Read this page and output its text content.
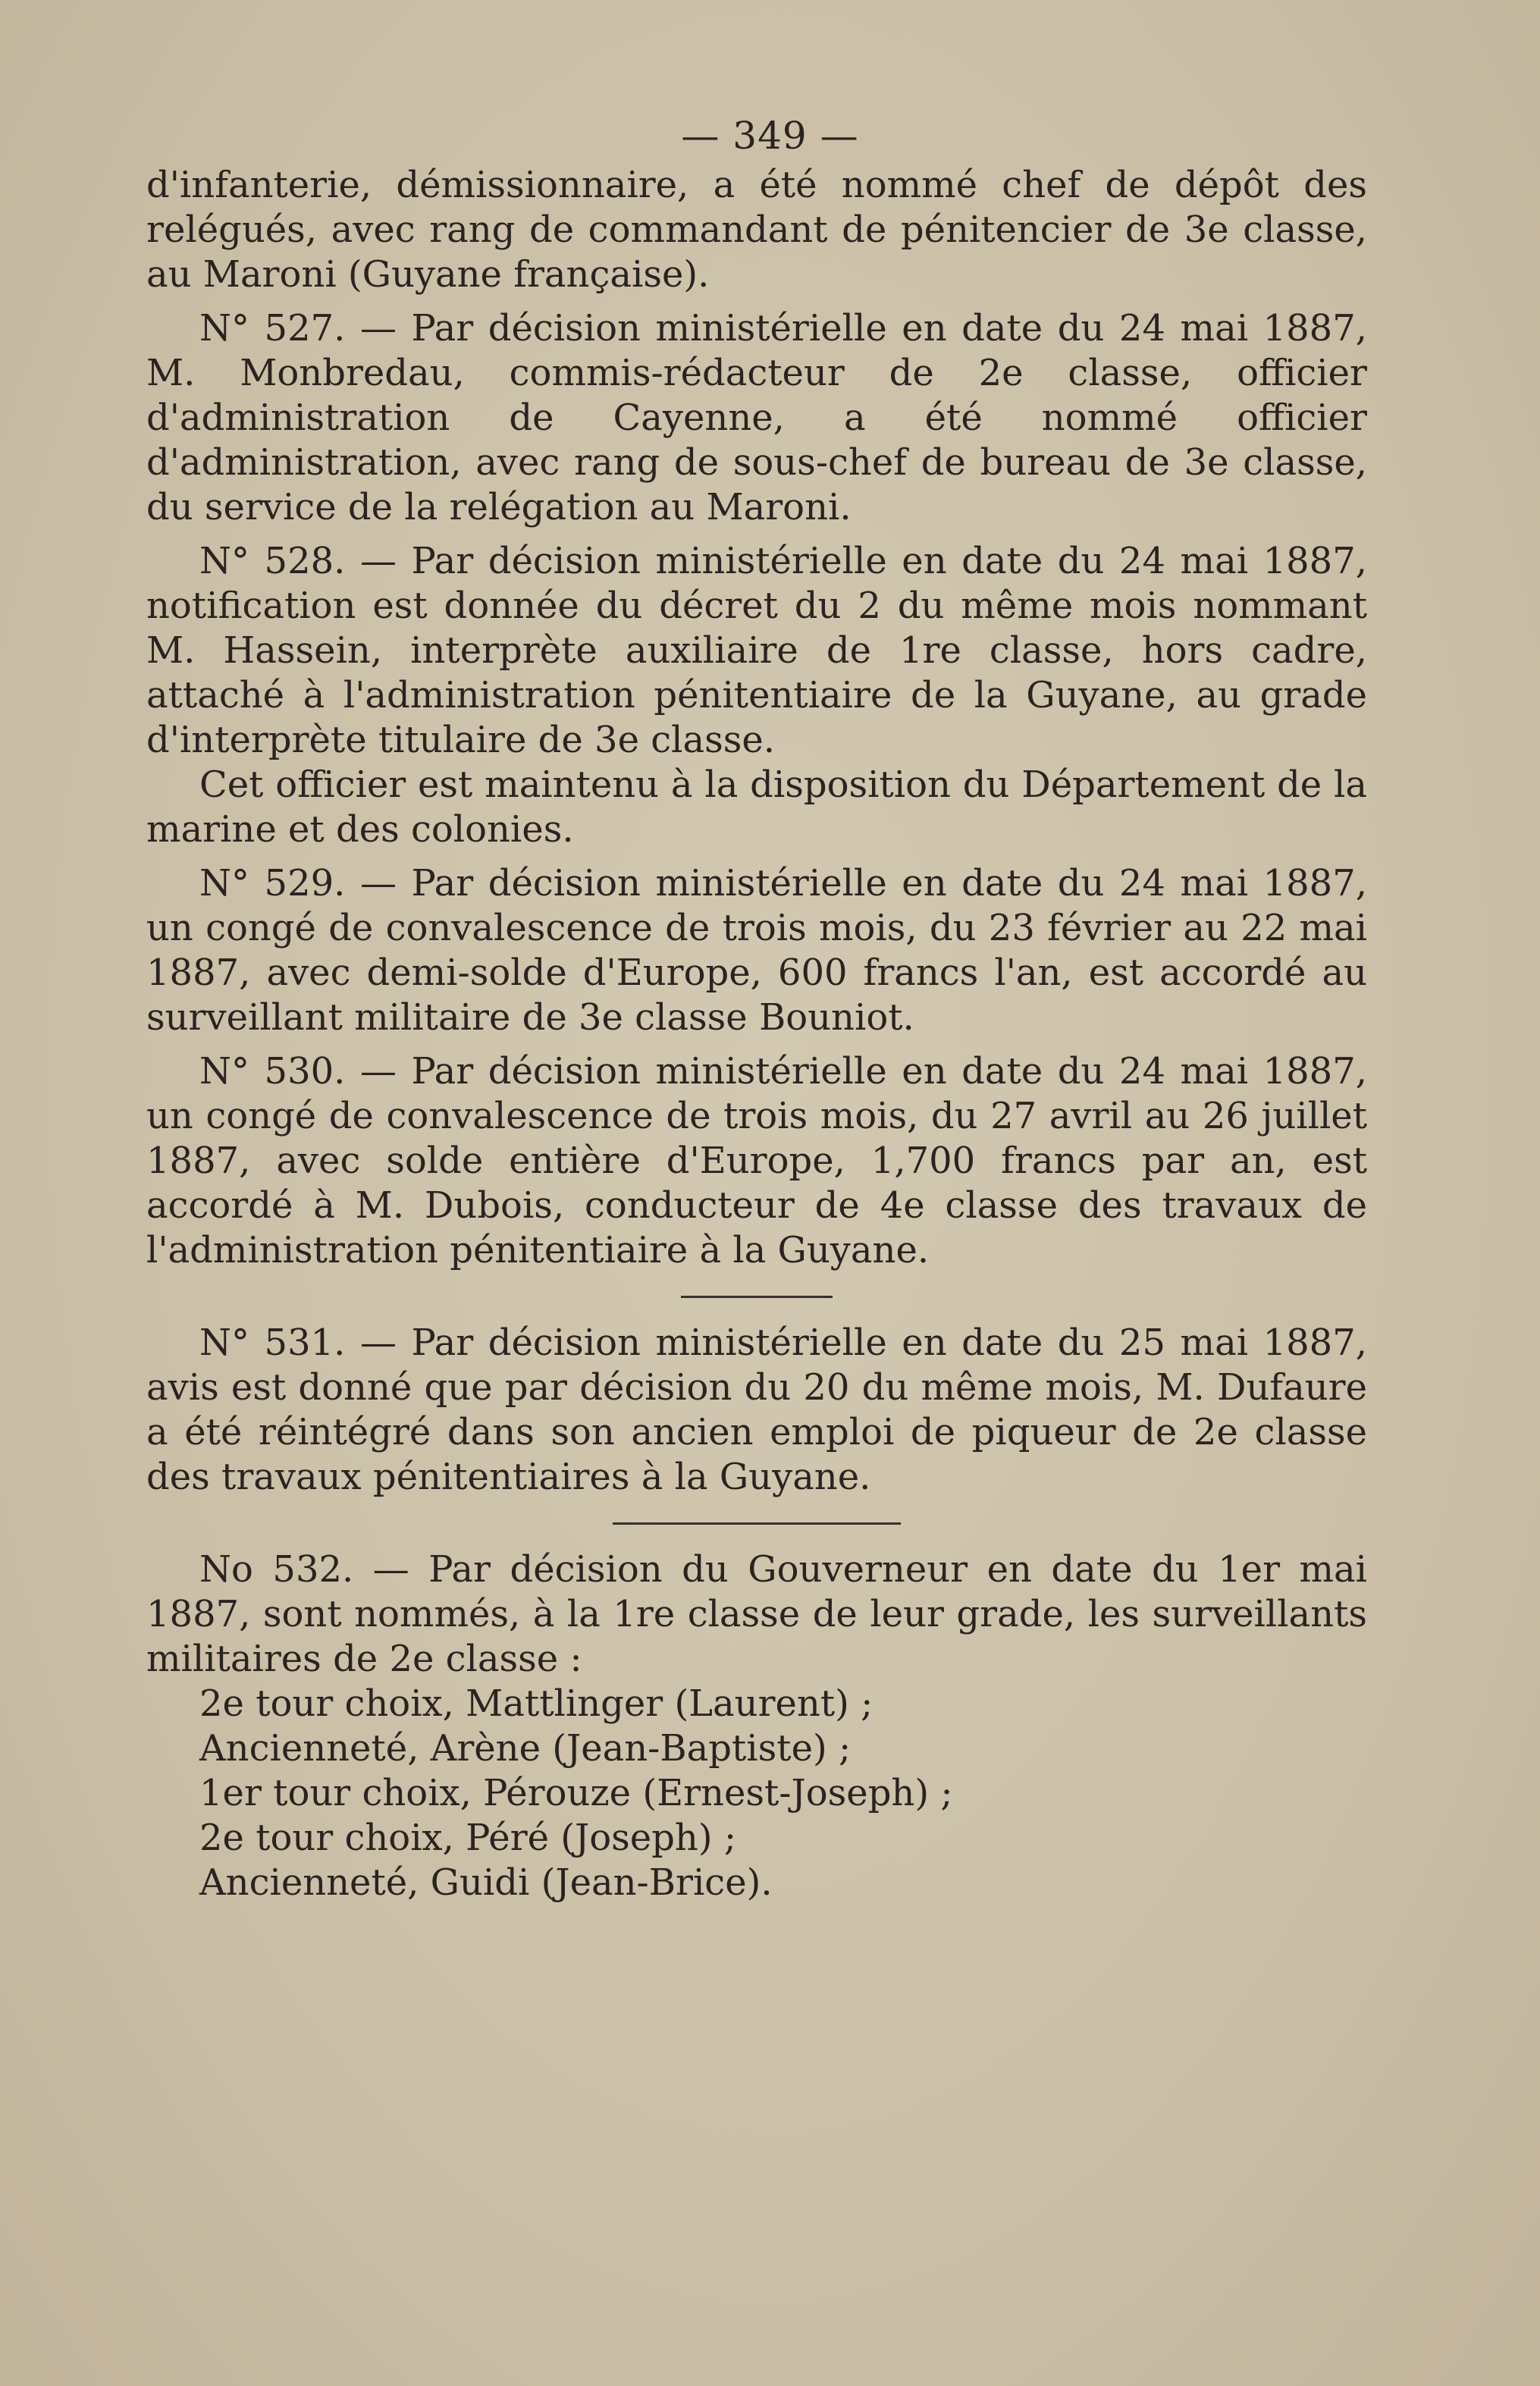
— 349 —

d'infanterie, démissionnaire, a été nommé chef de dépôt des relégués, avec rang de commandant de pénitencier de 3e classe, au Maroni (Guyane française).

N° 527. — Par décision ministérielle en date du 24 mai 1887, M. Monbredau, commis-rédacteur de 2e classe, officier d'administration de Cayenne, a été nommé officier d'administration, avec rang de sous-chef de bureau de 3e classe, du service de la relégation au Maroni.

N° 528. — Par décision ministérielle en date du 24 mai 1887, notification est donnée du décret du 2 du même mois nommant M. Hassein, interprète auxiliaire de 1re classe, hors cadre, attaché à l'administration pénitentiaire de la Guyane, au grade d'interprète titulaire de 3e classe.

Cet officier est maintenu à la disposition du Département de la marine et des colonies.

N° 529. — Par décision ministérielle en date du 24 mai 1887, un congé de convalescence de trois mois, du 23 février au 22 mai 1887, avec demi-solde d'Europe, 600 francs l'an, est accordé au surveillant militaire de 3e classe Bouniot.

N° 530. — Par décision ministérielle en date du 24 mai 1887, un congé de convalescence de trois mois, du 27 avril au 26 juillet 1887, avec solde entière d'Europe, 1,700 francs par an, est accordé à M. Dubois, conducteur de 4e classe des travaux de l'administration pénitentiaire à la Guyane.

N° 531. — Par décision ministérielle en date du 25 mai 1887, avis est donné que par décision du 20 du même mois, M. Dufaure a été réintégré dans son ancien emploi de piqueur de 2e classe des travaux pénitentiaires à la Guyane.

No 532. — Par décision du Gouverneur en date du 1er mai 1887, sont nommés, à la 1re classe de leur grade, les surveillants militaires de 2e classe :

2e tour choix, Mattlinger (Laurent) ;
Ancienneté, Arène (Jean-Baptiste) ;
1er tour choix, Pérouze (Ernest-Joseph) ;
2e tour choix, Péré (Joseph) ;
Ancienneté, Guidi (Jean-Brice).
